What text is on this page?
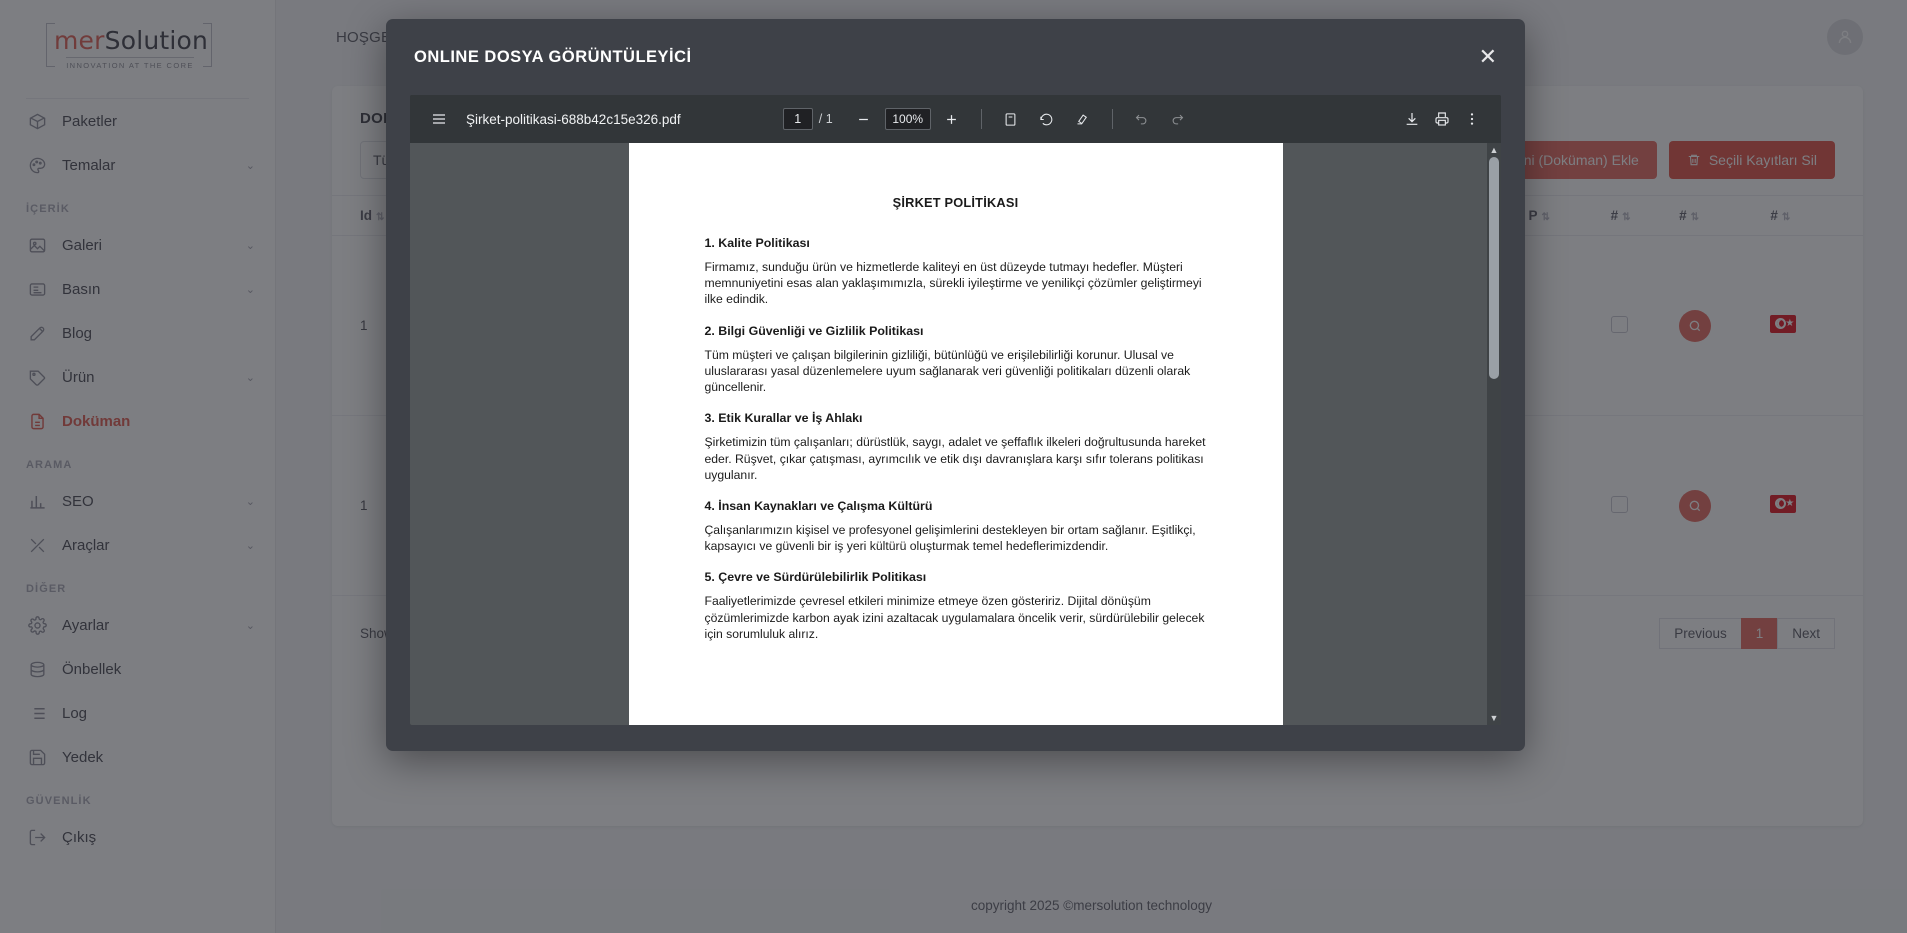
	★

	★
ONLINE DOSYA GÖRÜNTÜLEYİCİ	✕
Şirket-politikasi-688b42c15e326.pdf	1	/ 1	100%
ŞİRKET POLİTİKASI
1. Kalite Politikası

Firmamız, sunduğu ürün ve hizmetlerde kaliteyi en üst düzeyde tutmayı hedefler. Müşteri memnuniyetini esas alan yaklaşımımızla, sürekli iyileştirme ve yenilikçi çözümler geliştirmeyi ilke edindik.

2. Bilgi Güvenliği ve Gizlilik Politikası

Tüm müşteri ve çalışan bilgilerinin gizliliği, bütünlüğü ve erişilebilirliği korunur. Ulusal ve uluslararası yasal düzenlemelere uyum sağlanarak veri güvenliği politikaları düzenli olarak güncellenir.

3. Etik Kurallar ve İş Ahlakı

Şirketimizin tüm çalışanları; dürüstlük, saygı, adalet ve şeffaflık ilkeleri doğrultusunda hareket eder. Rüşvet, çıkar çatışması, ayrımcılık ve etik dışı davranışlara karşı sıfır tolerans politikası uygulanır.

4. İnsan Kaynakları ve Çalışma Kültürü

Çalışanlarımızın kişisel ve profesyonel gelişimlerini destekleyen bir ortam sağlanır. Eşitlikçi, kapsayıcı ve güvenli bir iş yeri kültürü oluşturmak temel hedeflerimizdendir.

5. Çevre ve Sürdürülebilirlik Politikası

Faaliyetlerimizde çevresel etkileri minimize etmeye özen gösteririz. Dijital dönüşüm çözümlerimizde karbon ayak izini azaltacak uygulamalara öncelik verir, sürdürülebilir gelecek için sorumluluk alırız.

▲
▼
